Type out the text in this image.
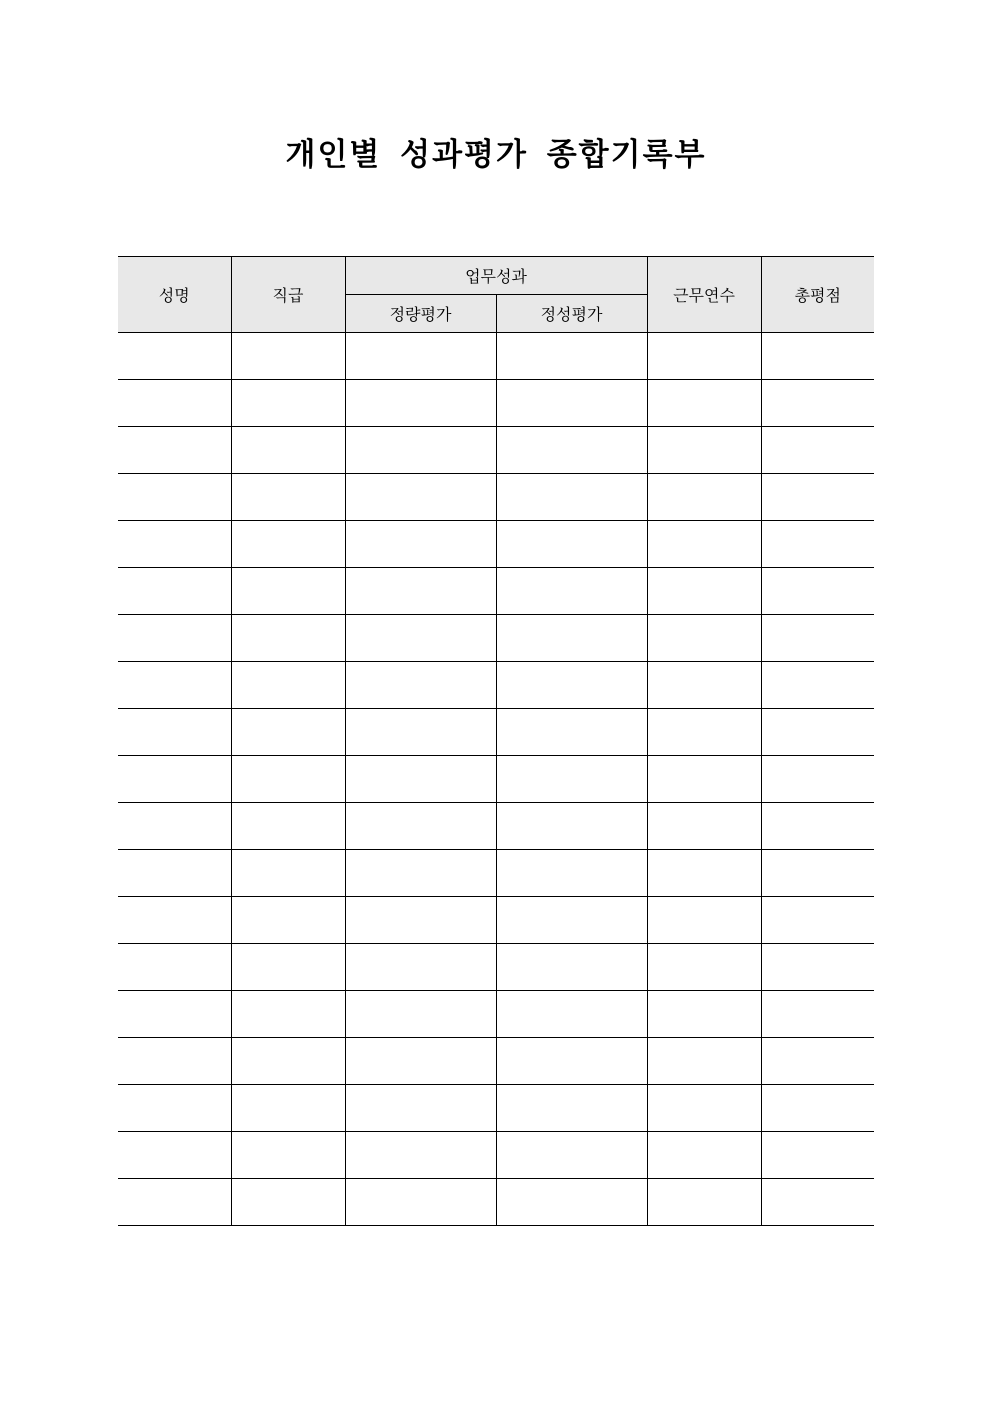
개인별 성과평가 종합기록부
성명	직급	업무성과		근무연수	총평점
		정량평가	정성평가		
